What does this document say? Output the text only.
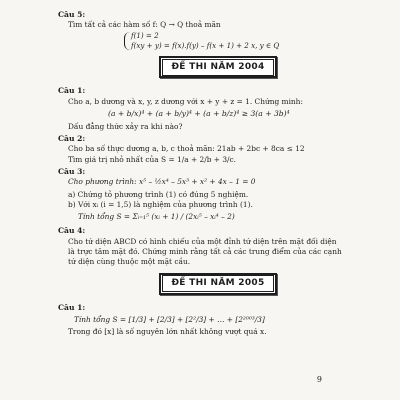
Câu 5:
Tìm tất cả các hàm số f: Q → Q thoả mãn
f(1) = 2
f(xy + y) = f(x).f(y) – f(x + 1) + 2 x, y ∈ Q
ĐỀ THI NĂM 2004
Câu 1:
Cho a, b dương và x, y, z dương với x + y + z = 1. Chứng minh:
(a + b/x)⁴ + (a + b/y)⁴ + (a + b/z)⁴ ≥ 3(a + 3b)⁴
Dấu đẳng thức xảy ra khi nào?
Câu 2:
Cho ba số thực dương a, b, c thoả mãn: 21ab + 2bc + 8ca ≤ 12
Tìm giá trị nhỏ nhất của S = 1/a + 2/b + 3/c.
Câu 3:
Cho phương trình: x⁵ – ½x⁴ – 5x³ + x² + 4x – 1 = 0
a) Chứng tỏ phương trình (1) có đúng 5 nghiệm.
b) Với xᵢ (i = 1,5) là nghiệm của phương trình (1).
Tính tổng S = Σᵢ₌₁⁵ (xᵢ + 1) / (2xᵢ⁵ – xᵢ⁴ – 2)
Câu 4:
Cho tứ diện ABCD có hình chiếu của một đỉnh tứ diện trên mặt đối diện
là trực tâm mặt đó. Chứng minh rằng tất cả các trung điểm của các cạnh
tứ diện cùng thuộc một mặt cầu.
ĐỀ THI NĂM 2005
Câu 1:
Tính tổng S = [1/3] + [2/3] + [2²/3] + … + [2²⁰⁰³/3]
Trong đó [x] là số nguyên lớn nhất không vượt quá x.
9
